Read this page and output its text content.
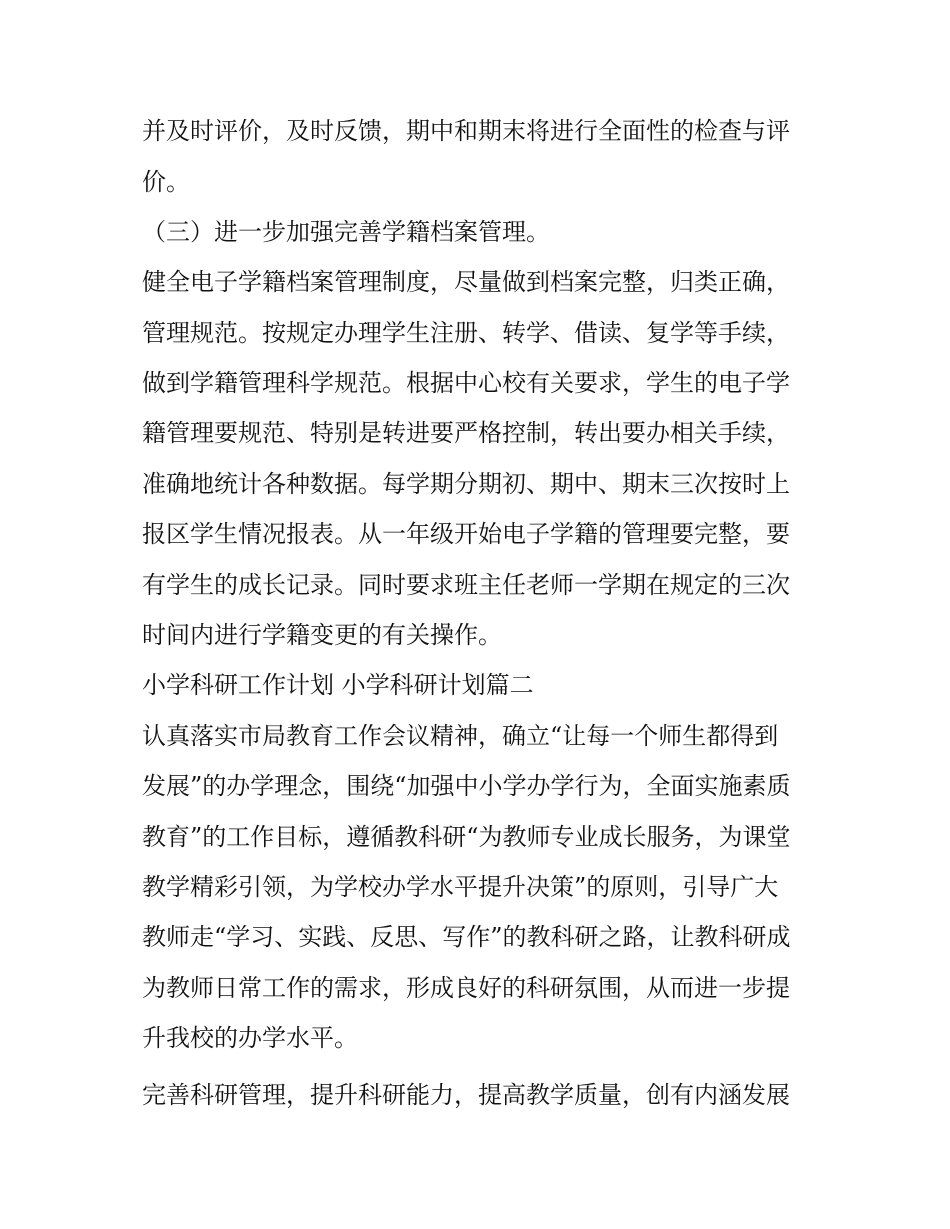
并及时评价，及时反馈，期中和期末将进行全面性的检查与评
价。
（三）进一步加强完善学籍档案管理。
健全电子学籍档案管理制度，尽量做到档案完整，归类正确，
管理规范。按规定办理学生注册、转学、借读、复学等手续，
做到学籍管理科学规范。根据中心校有关要求，学生的电子学
籍管理要规范、特别是转进要严格控制，转出要办相关手续，
准确地统计各种数据。每学期分期初、期中、期末三次按时上
报区学生情况报表。从一年级开始电子学籍的管理要完整，要
有学生的成长记录。同时要求班主任老师一学期在规定的三次
时间内进行学籍变更的有关操作。
小学科研工作计划 小学科研计划篇二
认真落实市局教育工作会议精神，确立“让每一个师生都得到
发展”的办学理念，围绕“加强中小学办学行为，全面实施素质
教育”的工作目标，遵循教科研“为教师专业成长服务，为课堂
教学精彩引领，为学校办学水平提升决策”的原则，引导广大
教师走“学习、实践、反思、写作”的教科研之路，让教科研成
为教师日常工作的需求，形成良好的科研氛围，从而进一步提
升我校的办学水平。
完善科研管理，提升科研能力，提高教学质量，创有内涵发展
